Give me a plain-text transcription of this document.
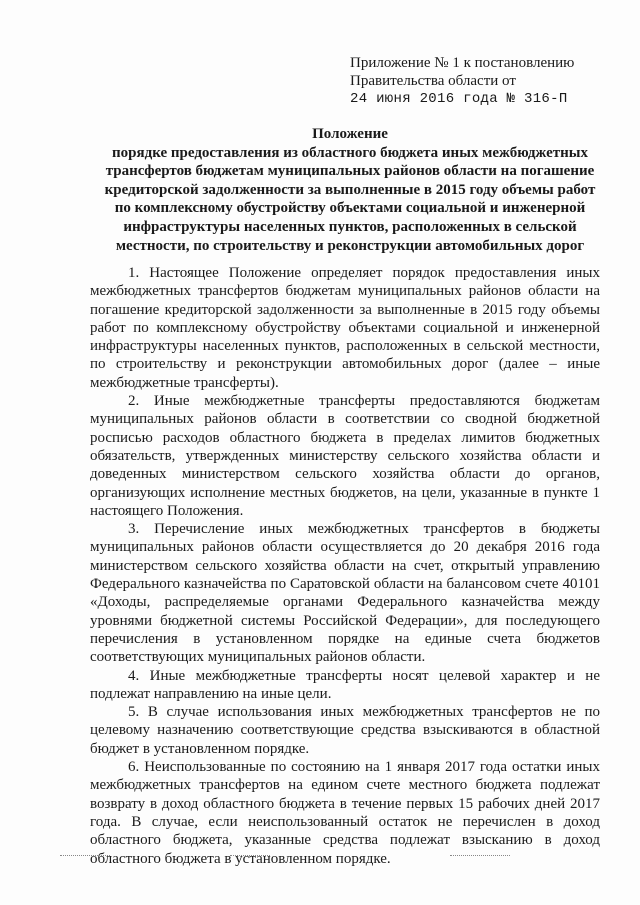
Приложение № 1 к постановлению
Правительства области от
24 июня 2016 года № 316-П
Положение
порядке предоставления из областного бюджета иных межбюджетных
трансфертов бюджетам муниципальных районов области на погашение
кредиторской задолженности за выполненные в 2015 году объемы работ
по комплексному обустройству объектами социальной и инженерной
инфраструктуры населенных пунктов, расположенных в сельской
местности, по строительству и реконструкции автомобильных дорог

1. Настоящее Положение определяет порядок предоставления иных межбюджетных трансфертов бюджетам муниципальных районов области на погашение кредиторской задолженности за выполненные в 2015 году объемы работ по комплексному обустройству объектами социальной и инженерной инфраструктуры населенных пунктов, расположенных в сельской местности, по строительству и реконструкции автомобильных дорог (далее – иные межбюджетные трансферты).

2. Иные межбюджетные трансферты предоставляются бюджетам муниципальных районов области в соответствии со сводной бюджетной росписью расходов областного бюджета в пределах лимитов бюджетных обязательств, утвержденных министерству сельского хозяйства области и доведенных министерством сельского хозяйства области до органов, организующих исполнение местных бюджетов, на цели, указанные в пункте 1 настоящего Положения.

3. Перечисление иных межбюджетных трансфертов в бюджеты муниципальных районов области осуществляется до 20 декабря 2016 года министерством сельского хозяйства области на счет, открытый управлению Федерального казначейства по Саратовской области на балансовом счете 40101 «Доходы, распределяемые органами Федерального казначейства между уровнями бюджетной системы Российской Федерации», для последующего перечисления в установленном порядке на единые счета бюджетов соответствующих муниципальных районов области.

4. Иные межбюджетные трансферты носят целевой характер и не подлежат направлению на иные цели.

5. В случае использования иных межбюджетных трансфертов не по целевому назначению соответствующие средства взыскиваются в областной бюджет в установленном порядке.

6. Неиспользованные по состоянию на 1 января 2017 года остатки иных межбюджетных трансфертов на едином счете местного бюджета подлежат возврату в доход областного бюджета в течение первых 15 рабочих дней 2017 года. В случае, если неиспользованный остаток не перечислен в доход областного бюджета, указанные средства подлежат взысканию в доход областного бюджета в установленном порядке.
